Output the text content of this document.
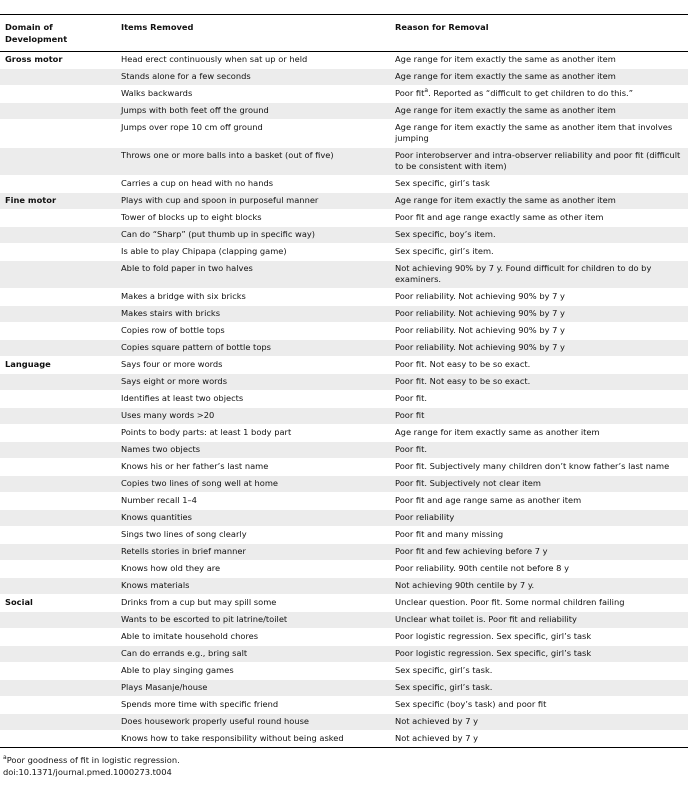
Domain of Development	Items Removed	Reason for Removal
Gross motor	Head erect continuously when sat up or held	Age range for item exactly the same as another item
	Stands alone for a few seconds	Age range for item exactly the same as another item
	Walks backwards	Poor fit$^a$. Reported as “difficult to get children to do this.”
	Jumps with both feet off the ground	Age range for item exactly the same as another item
	Jumps over rope 10 cm off ground	Age range for item exactly the same as another item that involves jumping
	Throws one or more balls into a basket (out of five)	Poor interobserver and intra-observer reliability and poor fit (difficult to be consistent with item)
	Carries a cup on head with no hands	Sex specific, girl’s task
Fine motor	Plays with cup and spoon in purposeful manner	Age range for item exactly the same as another item
	Tower of blocks up to eight blocks	Poor fit and age range exactly same as other item
	Can do “Sharp” (put thumb up in specific way)	Sex specific, boy’s item.
	Is able to play Chipapa (clapping game)	Sex specific, girl’s item.
	Able to fold paper in two halves	Not achieving 90% by 7 y. Found difficult for children to do by examiners.
	Makes a bridge with six bricks	Poor reliability. Not achieving 90% by 7 y
	Makes stairs with bricks	Poor reliability. Not achieving 90% by 7 y
	Copies row of bottle tops	Poor reliability. Not achieving 90% by 7 y
	Copies square pattern of bottle tops	Poor reliability. Not achieving 90% by 7 y
Language	Says four or more words	Poor fit. Not easy to be so exact.
	Says eight or more words	Poor fit. Not easy to be so exact.
	Identifies at least two objects	Poor fit.
	Uses many words >20	Poor fit
	Points to body parts: at least 1 body part	Age range for item exactly same as another item
	Names two objects	Poor fit.
	Knows his or her father’s last name	Poor fit. Subjectively many children don’t know father’s last name
	Copies two lines of song well at home	Poor fit. Subjectively not clear item
	Number recall 1–4	Poor fit and age range same as another item
	Knows quantities	Poor reliability
	Sings two lines of song clearly	Poor fit and many missing
	Retells stories in brief manner	Poor fit and few achieving before 7 y
	Knows how old they are	Poor reliability. 90th centile not before 8 y
	Knows materials	Not achieving 90th centile by 7 y.
Social	Drinks from a cup but may spill some	Unclear question. Poor fit. Some normal children failing
	Wants to be escorted to pit latrine/toilet	Unclear what toilet is. Poor fit and reliability
	Able to imitate household chores	Poor logistic regression. Sex specific, girl’s task
	Can do errands e.g., bring salt	Poor logistic regression. Sex specific, girl’s task
	Able to play singing games	Sex specific, girl’s task.
	Plays Masanje/house	Sex specific, girl’s task.
	Spends more time with specific friend	Sex specific (boy’s task) and poor fit
	Does housework properly useful round house	Not achieved by 7 y
	Knows how to take responsibility without being asked	Not achieved by 7 y
$^a$Poor goodness of fit in logistic regression.
doi:10.1371/journal.pmed.1000273.t004
